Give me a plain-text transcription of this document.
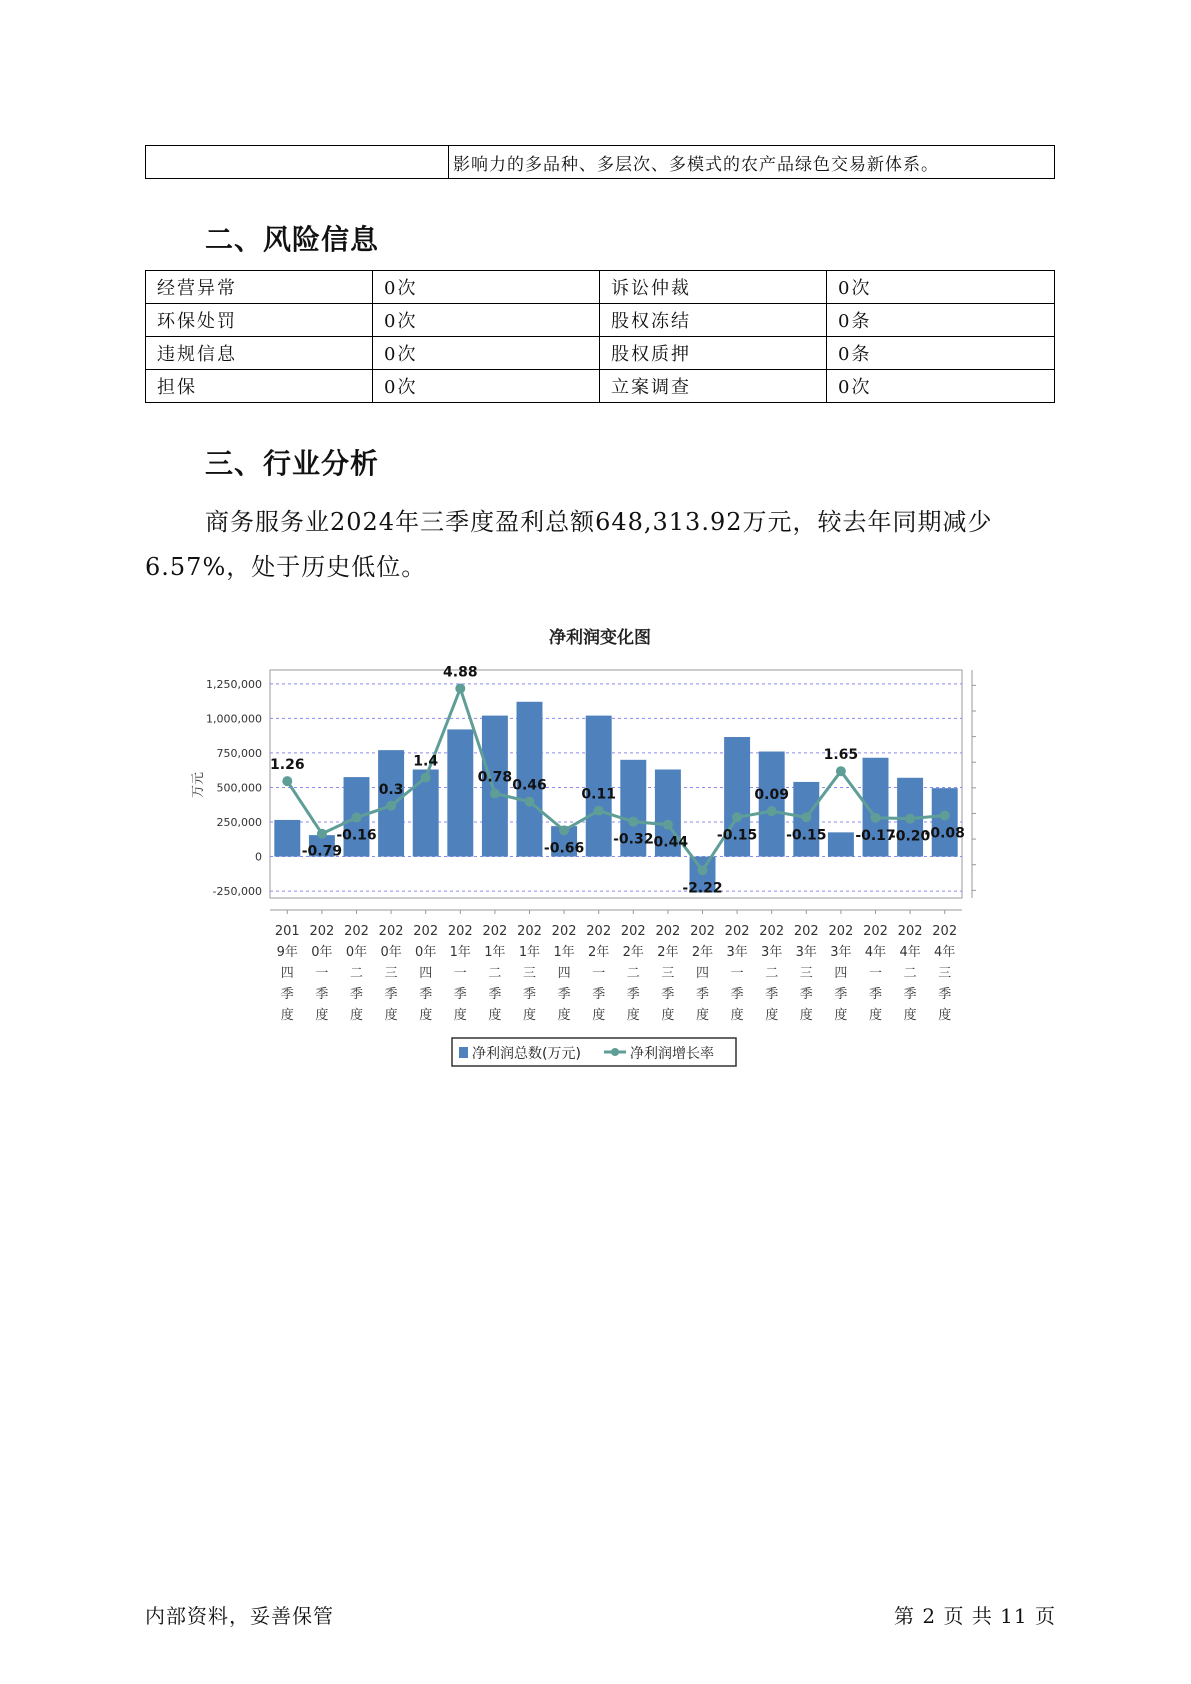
	影响力的多品种、多层次、多模式的农产品绿色交易新体系。
二、风险信息
经营异常	0次	诉讼仲裁	0次
环保处罚	0次	股权冻结	0条
违规信息	0次	股权质押	0条
担保	0次	立案调查	0次
三、行业分析

商务服务业2024年三季度盈利总额648,313.92万元，较去年同期减少6.57%，处于历史低位。

净利润变化图
1,250,000
1,000,000
750,000
500,000
250,000
0
-250,000
万元
1.26
-0.79
-0.16
0.3
1.4
4.88
0.78
0.46
-0.66
0.11
-0.32
-0.44
-2.22
-0.15
0.09
-0.15
1.65
-0.17
-0.20
-0.08
201
9年
四
季
度
202
0年
一
季
度
202
0年
二
季
度
202
0年
三
季
度
202
0年
四
季
度
202
1年
一
季
度
202
1年
二
季
度
202
1年
三
季
度
202
1年
四
季
度
202
2年
一
季
度
202
2年
二
季
度
202
2年
三
季
度
202
2年
四
季
度
202
3年
一
季
度
202
3年
二
季
度
202
3年
三
季
度
202
3年
四
季
度
202
4年
一
季
度
202
4年
二
季
度
202
4年
三
季
度
净利润总数(万元)	净利润增长率
内部资料，妥善保管	第 2 页 共 11 页
